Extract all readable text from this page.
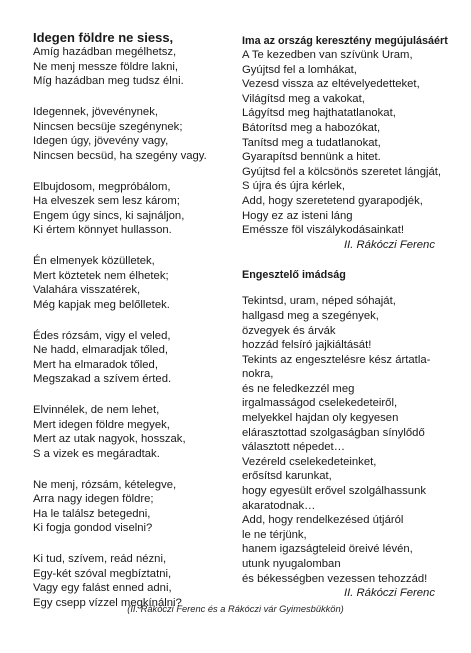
Idegen földre ne siess,

Amíg hazádban megélhetsz,
Ne menj messze földre lakni,
Míg hazádban meg tudsz élni.
Idegennek, jövevénynek,
Nincsen becsüje szegénynek;
Idegen úgy, jövevény vagy,
Nincsen becsüd, ha szegény vagy.
Elbujdosom, megpróbálom,
Ha elveszek sem lesz károm;
Engem úgy sincs, ki sajnáljon,
Ki értem könnyet hullasson.
Én elmenyek közülletek,
Mert köztetek nem élhetek;
Valahára visszatérek,
Még kapjak meg belőlletek.
Édes rózsám, vigy el veled,
Ne hadd, elmaradjak tőled,
Mert ha elmaradok tőled,
Megszakad a szívem érted.
Elvinnélek, de nem lehet,
Mert idegen földre megyek,
Mert az utak nagyok, hosszak,
S a vizek es megáradtak.
Ne menj, rózsám, kételegve,
Arra nagy idegen földre;
Ha le találsz betegedni,
Ki fogja gondod viselni?
Ki tud, szívem, reád nézni,
Egy-két szóval megbíztatni,
Vagy egy falást enned adni,
Egy csepp vízzel megkínálni?

Ima az ország keresztény megújulásáért

A Te kezedben van szívünk Uram,
Gyújtsd fel a lomhákat,
Vezesd vissza az eltévelyedetteket,
Világítsd meg a vakokat,
Lágyítsd meg hajthatatlanokat,
Bátorítsd meg a habozókat,
Tanítsd meg a tudatlanokat,
Gyarapítsd bennünk a hitet.
Gyújtsd fel a kölcsönös szeretet lángját,
S újra és újra kérlek,
Add, hogy szeretetend gyarapodjék,
Hogy ez az isteni láng
Eméssze föl viszálykodásainkat!
II. Rákóczi Ferenc

Engesztelő imádság

Tekintsd, uram, néped sóhaját,
hallgasd meg a szegények,
özvegyek és árvák
hozzád felsíró jajkiáltását!
Tekints az engesztelésre kész ártatla-
nokra,
és ne feledkezzél meg
irgalmasságod cselekedeteiről,
melyekkel hajdan oly kegyesen
elárasztottad szolgaságban sínylődő
választott népedet…
Vezéreld cselekedeteinket,
erősítsd karunkat,
hogy egyesült erővel szolgálhassunk
akaratodnak…
Add, hogy rendelkezésed útjáról
le ne térjünk,
hanem igazságteleid öreivé lévén,
utunk nyugalomban
és békességben vezessen tehozzád!
II. Rákóczi Ferenc
(II. Rákóczi Ferenc és a Rákóczi vár Gyimesbükkön)
